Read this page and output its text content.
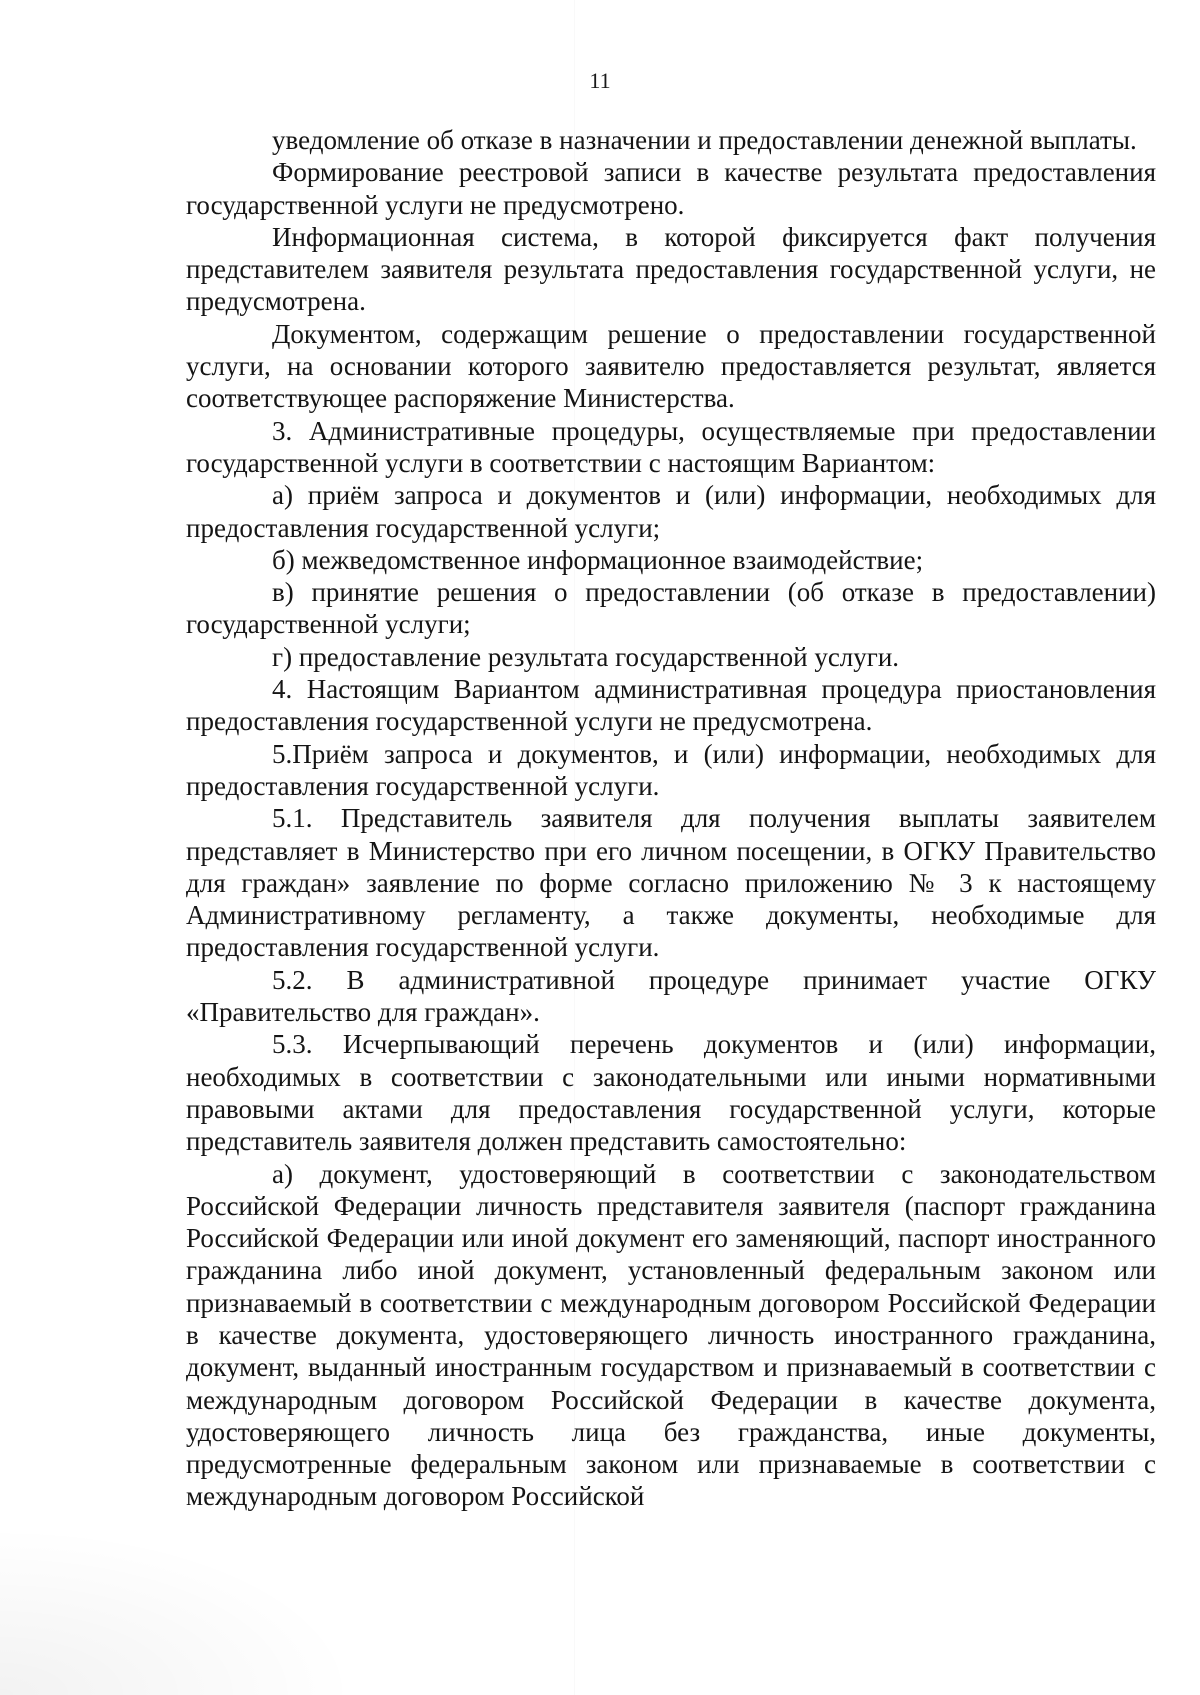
11

уведомление об отказе в назначении и предоставлении денежной выплаты.

Формирование реестровой записи в качестве результата предоставления государственной услуги не предусмотрено.

Информационная система, в которой фиксируется факт получения представителем заявителя результата предоставления государственной услуги, не предусмотрена.

Документом, содержащим решение о предоставлении государственной услуги, на основании которого заявителю предоставляется результат, является соответствующее распоряжение Министерства.

3. Административные процедуры, осуществляемые при предоставлении государственной услуги в соответствии с настоящим Вариантом:

а) приём запроса и документов и (или) информации, необходимых для предоставления государственной услуги;

б) межведомственное информационное взаимодействие;

в) принятие решения о предоставлении (об отказе в предоставлении) государственной услуги;

г) предоставление результата государственной услуги.

4. Настоящим Вариантом административная процедура приостановления предоставления государственной услуги не предусмотрена.

5.Приём запроса и документов, и (или) информации, необходимых для предоставления государственной услуги.

5.1. Представитель заявителя для получения выплаты заявителем представляет в Министерство при его личном посещении, в ОГКУ Правительство для граждан» заявление по форме согласно приложению № 3 к настоящему Административному регламенту, а также документы, необходимые для предоставления государственной услуги.

5.2. В административной процедуре принимает участие ОГКУ «Правительство для граждан».

5.3. Исчерпывающий перечень документов и (или) информации, необходимых в соответствии с законодательными или иными нормативными правовыми актами для предоставления государственной услуги, которые представитель заявителя должен представить самостоятельно:

а) документ, удостоверяющий в соответствии с законодательством Российской Федерации личность представителя заявителя (паспорт гражданина Российской Федерации или иной документ его заменяющий, паспорт иностранного гражданина либо иной документ, установленный федеральным законом или признаваемый в соответствии с международным договором Российской Федерации в качестве документа, удостоверяющего личность иностранного гражданина, документ, выданный иностранным государством и признаваемый в соответствии с международным договором Российской Федерации в качестве документа, удостоверяющего личность лица без гражданства, иные документы, предусмотренные федеральным законом или признаваемые в соответствии с международным договором Российской
